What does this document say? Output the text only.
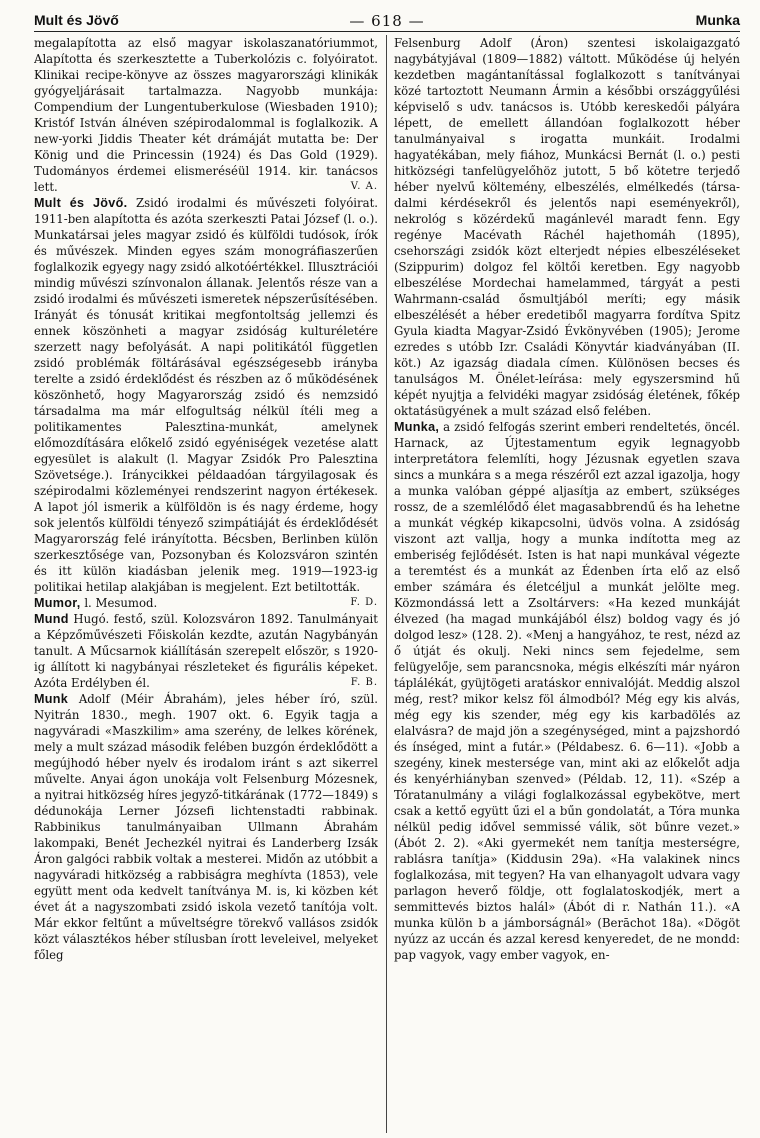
Mult és Jövő	— 618 —	Munka

megalapította az első magyar iskolaszanatóriummot, Alapította és szerkesztette a Tuberkolózis c. folyóiratot. Klinikai recipe-könyve az összes magyarországi klinikák gyógyeljárásait tartalmazza. Nagyobb munkája: Compendium der Lungentuberkulose (Wiesbaden 1910); Kristóf István álnéven szépirodalommal is foglalkozik. A new-yorki Jiddis Theater két drámáját mutatta be: Der König und die Princessin (1924) és Das Gold (1929). Tudományos érdemei elismeréséül 1914. kir. tanácsos lett.	V. A.

Mult és Jövő. Zsidó irodalmi és művészeti folyóirat. 1911-ben alapította és azóta szerkeszti Patai József (l. o.). Munkatársai jeles magyar zsidó és külföldi tudósok, írók és művészek. Minden egyes szám monográfiaszerűen foglalkozik egyegy nagy zsidó alkotóértékkel. Illusztrációi mindig művészi színvonalon állanak. Jelentős része van a zsidó irodalmi és művészeti ismeretek népszerűsítésében. Irányát és tónusát kritikai megfontoltság jellemzi és ennek köszönheti a magyar zsidóság kulturéletére szerzett nagy befolyását. A napi politikától független zsidó problémák föltárásával egészségesebb irányba terelte a zsidó érdeklődést és részben az ő működésének köszönhető, hogy Magyarország zsidó és nemzsidó társadalma ma már elfogultság nélkül ítéli meg a politikamentes Palesztina-munkát, amelynek előmozdítására előkelő zsidó egyéniségek vezetése alatt egyesület is alakult (l. Magyar Zsidók Pro Palesztina Szövetsége.). Iránycikkei példaadóan tárgyilagosak és szépirodalmi közleményei rendszerint nagyon értékesek. A lapot jól ismerik a külföldön is és nagy érdeme, hogy sok jelentős külföldi tényező szimpátiáját és érdeklődését Magyarország felé irányította. Bécsben, Berlinben külön szerkesztősége van, Pozsonyban és Kolozsváron szintén és itt külön kiadásban jelenik meg. 1919—1923-ig politikai hetilap alakjában is megjelent. Ezt betiltották.
F. D.

Mumor, l. Mesumod.

Mund Hugó. festő, szül. Kolozsváron 1892. Tanulmányait a Képzőművészeti Főiskolán kezdte, azután Nagybányán tanult. A Műcsarnok kiállításán szerepelt először, s 1920-ig állított ki nagybányai részleteket és figurális képeket. Azóta Erdélyben él.	F. B.

Munk Adolf (Méir Ábrahám), jeles héber író, szül. Nyitrán 1830., megh. 1907 okt. 6. Egyik tagja a nagyváradi «Maszkilim» ama szerény, de lelkes körének, mely a mult század második felében buzgón érdeklődött a megújhodó héber nyelv és irodalom iránt s azt sikerrel művelte. Anyai ágon unokája volt Felsenburg Mózesnek, a nyitrai hitközség híres jegyző-titkárának (1772—1849) s dédunokája Lerner Józsefi lichtenstadti rabbinak. Rabbinikus tanulmányaiban Ullmann Ábrahám lakompaki, Benét Jechezkél nyitrai és Landerberg Izsák Áron galgóci rabbik voltak a mesterei. Midőn az utóbbit a nagyváradi hitközség a rabbiságra meghívta (1853), vele együtt ment oda kedvelt tanítványa M. is, ki közben két évet át a nagyszombati zsidó iskola vezető tanítója volt. Már ekkor feltűnt a műveltségre törekvő vallásos zsidók közt választékos héber stílusban írott leveleivel, melyeket főleg

Felsenburg Adolf (Áron) szentesi iskolaigazgató nagybátyjával (1809—1882) váltott. Működése új helyén kezdetben magántanítással foglalkozott s tanítványai közé tartoztott Neumann Ármin a későbbi országgyűlési képviselő s udv. tanácsos is. Utóbb kereskedői pályára lépett, de emellett állandóan foglalkozott héber tanulmányaival s irogatta munkáit. Irodalmi hagyatékában, mely fiához, Munkácsi Bernát (l. o.) pesti hitközségi tanfelügyelőhöz jutott, 5 bő kötetre terjedő héber nyelvű költemény, elbeszélés, elmélkedés (társadalmi kérdésekről és jelentős napi eseményekről), nekrológ s közérdekű magánlevél maradt fenn. Egy regénye Macévath Ráchél hajethomáh (1895), csehországi zsidók közt elterjedt népies elbeszéléseket (Szippurim) dolgoz fel költői keretben. Egy nagyobb elbeszélése Mordechai hamelammed, tárgyát a pesti Wahrmann-család ősmultjából meríti; egy másik elbeszélését a héber eredetiből magyarra fordítva Spitz Gyula kiadta Magyar-Zsidó Évkönyvében (1905); Jerome ezredes s utóbb Izr. Családi Könyvtár kiadványában (II. köt.) Az igazság diadala címen. Különösen becses és tanulságos M. Önélet-leírása: mely egyszersmind hű képét nyujtja a felvidéki magyar zsidóság életének, főkép oktatásügyének a mult század első felében.

Munka, a zsidó felfogás szerint emberi rendeltetés, öncél. Harnack, az Újtestamentum egyik legnagyobb interpretátora felemlíti, hogy Jézusnak egyetlen szava sincs a munkára s a mega részéről ezt azzal igazolja, hogy a munka valóban géppé aljasítja az embert, szükséges rossz, de a szemlélődő élet magasabbrendű és ha lehetne a munkát végkép kikapcsolni, üdvös volna. A zsidóság viszont azt vallja, hogy a munka indította meg az emberiség fejlődését. Isten is hat napi munkával végezte a teremtést és a munkát az Édenben írta elő az első ember számára és életcéljul a munkát jelölte meg. Közmondássá lett a Zsoltárvers: «Ha kezed munkáját élvezed (ha magad munkájából élsz) boldog vagy és jó dolgod lesz» (128. 2). «Menj a hangyához, te rest, nézd az ő útját és okulj. Neki nincs sem fejedelme, sem felügyelője, sem parancsnoka, mégis elkészíti már nyáron táplálékát, gyüjtögeti aratáskor ennivalóját. Meddig alszol még, rest? mikor kelsz föl álmodból? Még egy kis alvás, még egy kis szender, még egy kis karbadölés az elalvásra? de majd jön a szegénységed, mint a pajzshordó és ínséged, mint a futár.» (Példabesz. 6. 6—11). «Jobb a szegény, kinek mestersége van, mint aki az előkelőt adja és kenyérhiányban szenved» (Példab. 12, 11). «Szép a Tóratanulmány a világi foglalkozással egybekötve, mert csak a kettő együtt űzi el a bűn gondolatát, a Tóra munka nélkül pedig idővel semmissé válik, söt bűnre vezet.» (Ábót 2. 2). «Aki gyermekét nem tanítja mesterségre, rablásra tanítja» (Kiddusin 29a). «Ha valakinek nincs foglalkozása, mit tegyen? Ha van elhanyagolt udvara vagy parlagon heverő földje, ott foglalatoskodjék, mert a semmittevés biztos halál» (Ábót di r. Nathán 11.). «A munka külön b a jámborságnál» (Berāchot 18a). «Dögöt nyúzz az uccán és azzal keresd kenyeredet, de ne mondd: pap vagyok, vagy ember vagyok, en-
